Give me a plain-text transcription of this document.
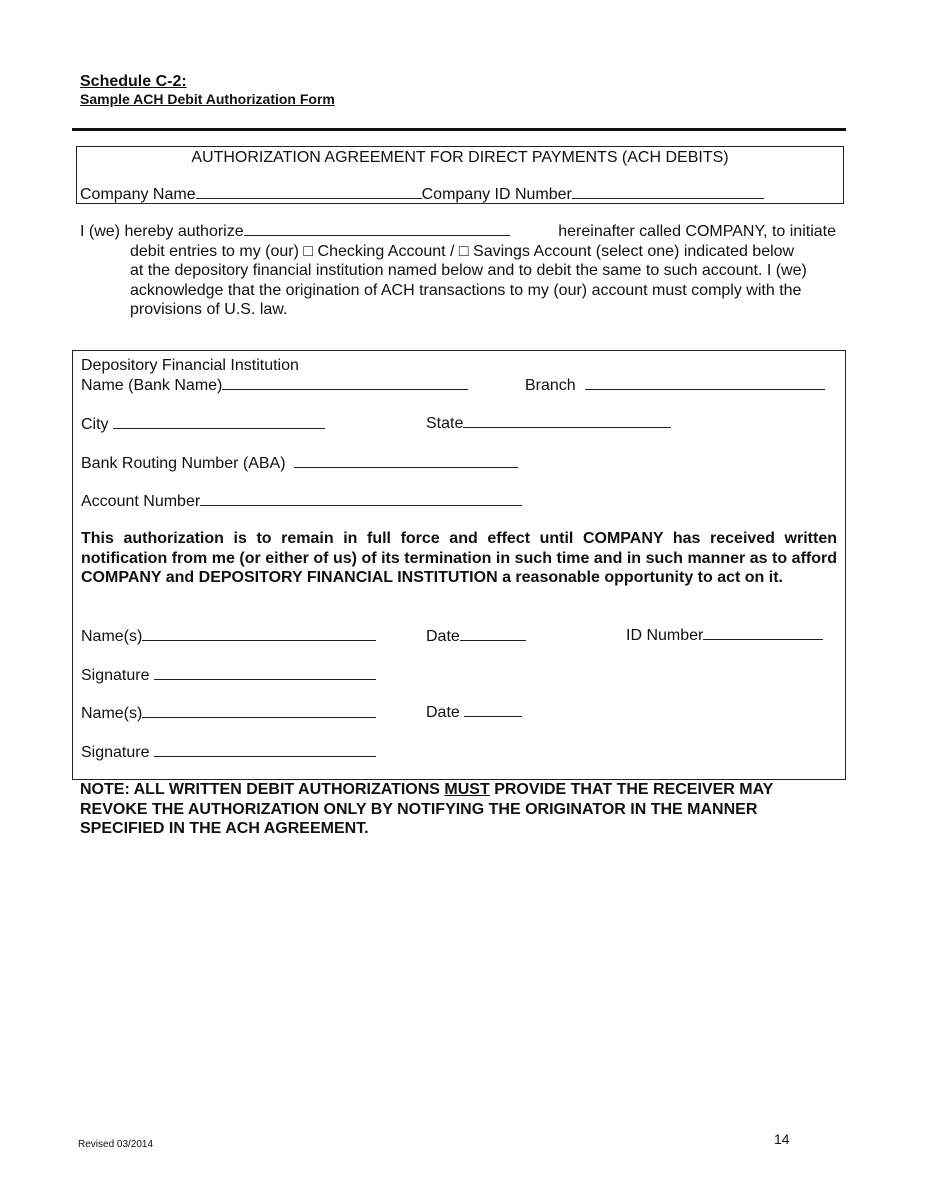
Schedule C-2:
Sample ACH Debit Authorization Form
AUTHORIZATION AGREEMENT FOR DIRECT PAYMENTS (ACH DEBITS)
Company Name	Company ID Number

I (we) hereby authorize	hereinafter called COMPANY, to initiate

debit entries to my (our) □ Checking Account / □ Savings Account (select one) indicated below

at the depository financial institution named below and to debit the same to such account. I (we)

acknowledge that the origination of ACH transactions to my (our) account must comply with the

provisions of U.S. law.

Depository Financial Institution
Name (Bank Name)	Branch
City	State
Bank Routing Number (ABA)
Account Number
This authorization is to remain in full force and effect until COMPANY has received written notification from me (or either of us) of its termination in such time and in such manner as to afford COMPANY and DEPOSITORY FINANCIAL INSTITUTION a reasonable opportunity to act on it.
Name(s)	Date	ID Number
Signature
Name(s)	Date
Signature
NOTE: ALL WRITTEN DEBIT AUTHORIZATIONS MUST PROVIDE THAT THE RECEIVER MAY REVOKE THE AUTHORIZATION ONLY BY NOTIFYING THE ORIGINATOR IN THE MANNER SPECIFIED IN THE ACH AGREEMENT.
Revised 03/2014	14
